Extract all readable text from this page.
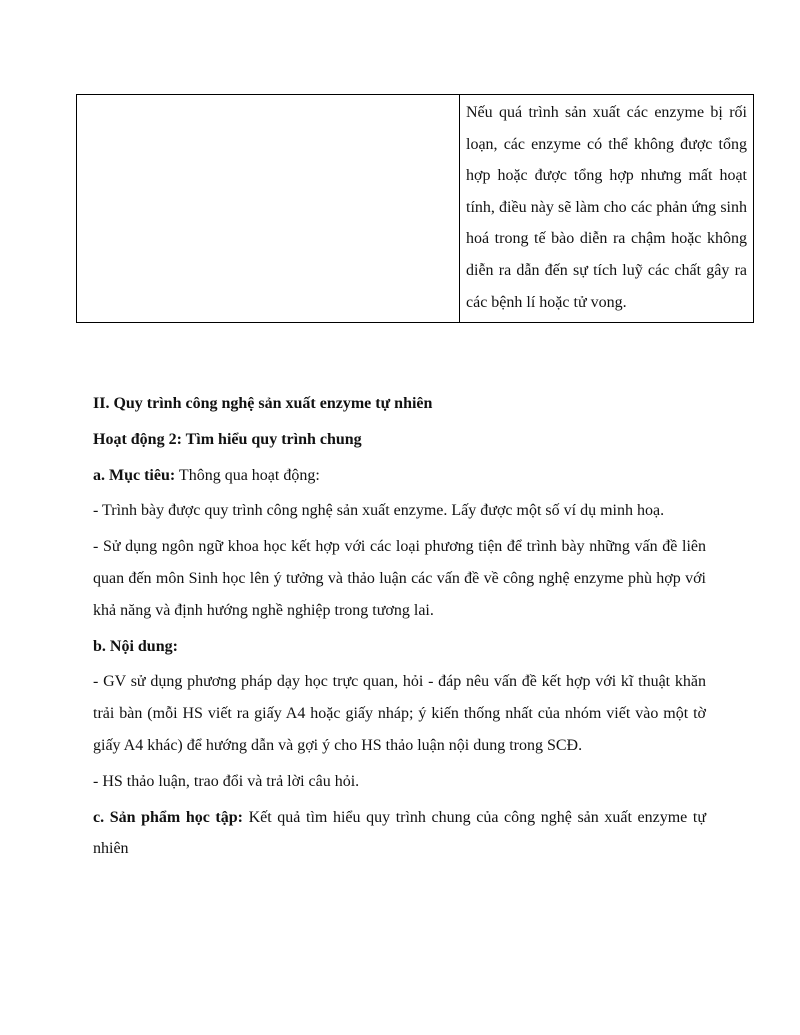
Nếu quá trình sản xuất các enzyme bị rối loạn, các enzyme có thể không được tổng hợp hoặc được tổng hợp nhưng mất hoạt tính, điều này sẽ làm cho các phản ứng sinh hoá trong tế bào diễn ra chậm hoặc không diễn ra dẫn đến sự tích luỹ các chất gây ra các bệnh lí hoặc tử vong.

II. Quy trình công nghệ sản xuất enzyme tự nhiên

Hoạt động 2: Tìm hiểu quy trình chung

a. Mục tiêu: Thông qua hoạt động:

- Trình bày được quy trình công nghệ sản xuất enzyme. Lấy được một số ví dụ minh hoạ.

- Sử dụng ngôn ngữ khoa học kết hợp với các loại phương tiện để trình bày những vấn đề liên quan đến môn Sinh học lên ý tưởng và thảo luận các vấn đề về công nghệ enzyme phù hợp với khả năng và định hướng nghề nghiệp trong tương lai.

b. Nội dung:

- GV sử dụng phương pháp dạy học trực quan, hỏi - đáp nêu vấn đề kết hợp với kĩ thuật khăn trải bàn (mỗi HS viết ra giấy A4 hoặc giấy nháp; ý kiến thống nhất của nhóm viết vào một tờ giấy A4 khác) để hướng dẫn và gợi ý cho HS thảo luận nội dung trong SCĐ.

- HS thảo luận, trao đổi và trả lời câu hỏi.

c. Sản phẩm học tập: Kết quả tìm hiểu quy trình chung của công nghệ sản xuất enzyme tự nhiên
